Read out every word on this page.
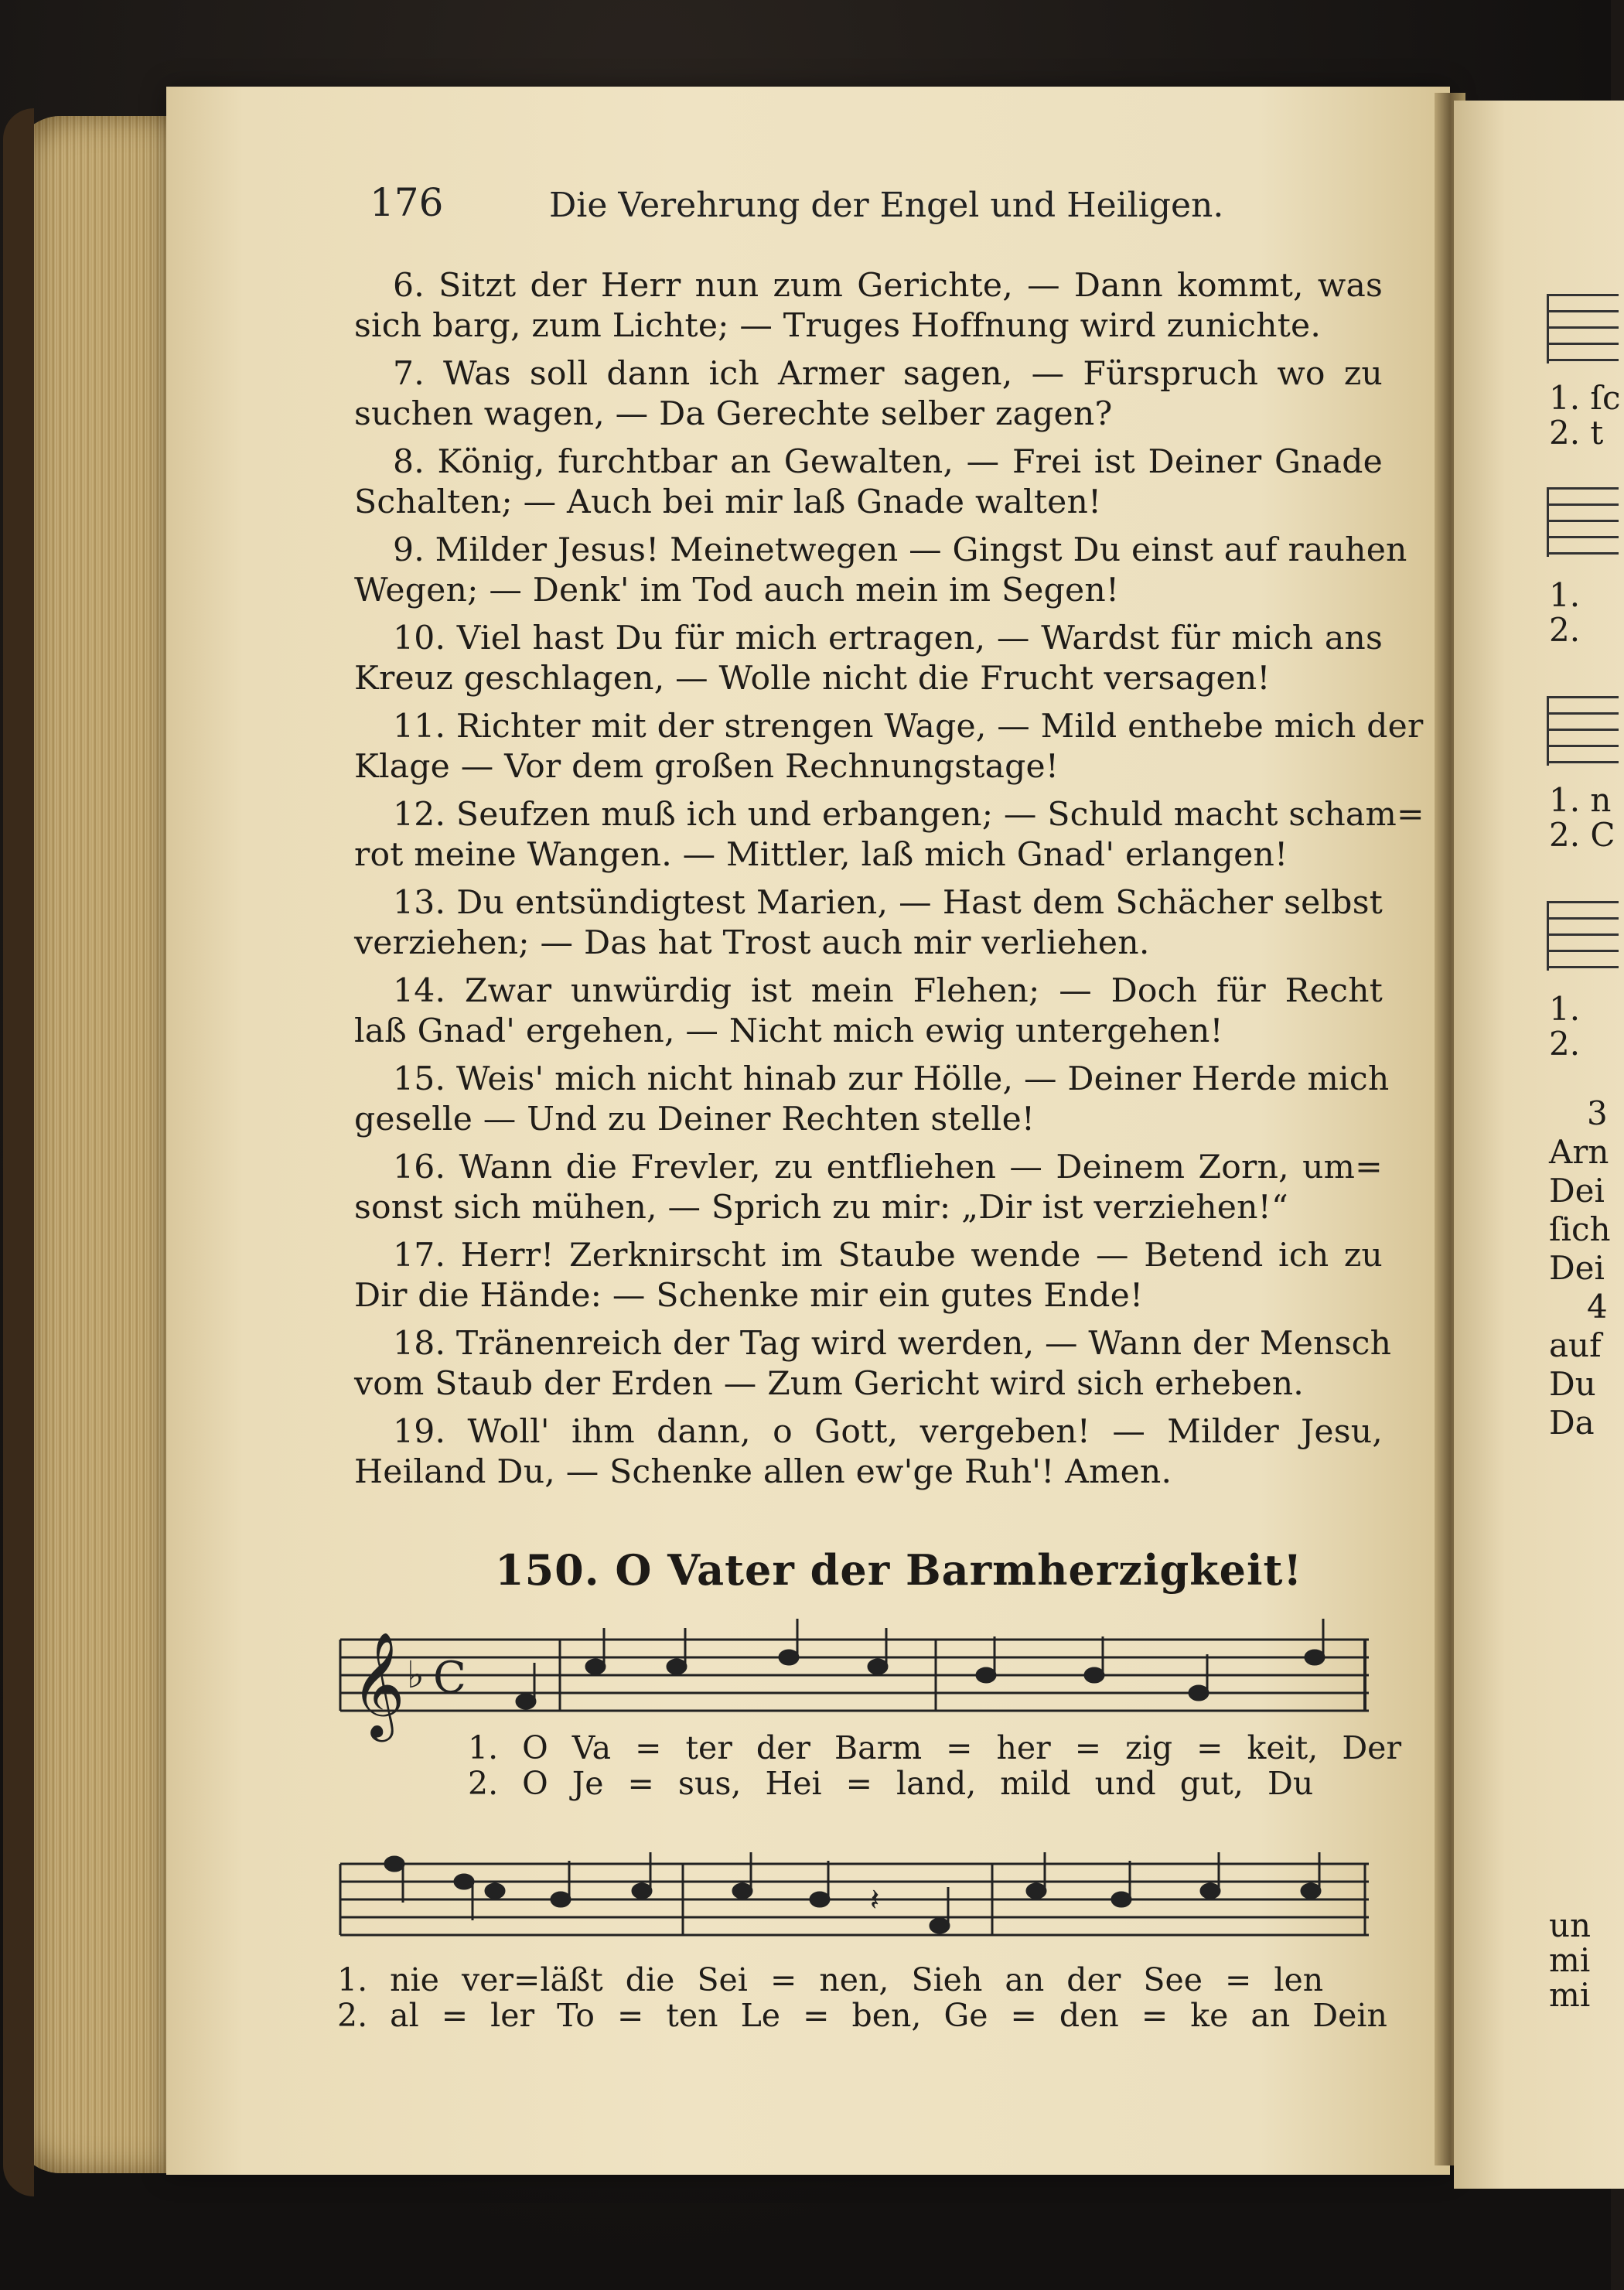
176	Die Verehrung der Engel und Heiligen.
6. Sitzt der Herr nun zum Gerichte, — Dann kommt, was
sich barg, zum Lichte; — Truges Hoffnung wird zunichte.
7. Was soll dann ich Armer sagen, — Fürspruch wo zu
suchen wagen, — Da Gerechte selber zagen?
8. König, furchtbar an Gewalten, — Frei ist Deiner Gnade
Schalten; — Auch bei mir laß Gnade walten!
9. Milder Jesus! Meinetwegen — Gingst Du einst auf rauhen
Wegen; — Denk' im Tod auch mein im Segen!
10. Viel hast Du für mich ertragen, — Wardst für mich ans
Kreuz geschlagen, — Wolle nicht die Frucht versagen!
11. Richter mit der strengen Wage, — Mild enthebe mich der
Klage — Vor dem großen Rechnungstage!
12. Seufzen muß ich und erbangen; — Schuld macht scham=
rot meine Wangen. — Mittler, laß mich Gnad' erlangen!
13. Du entsündigtest Marien, — Hast dem Schächer selbst
verziehen; — Das hat Trost auch mir verliehen.
14. Zwar unwürdig ist mein Flehen; — Doch für Recht
laß Gnad' ergehen, — Nicht mich ewig untergehen!
15. Weis' mich nicht hinab zur Hölle, — Deiner Herde mich
geselle — Und zu Deiner Rechten stelle!
16. Wann die Frevler, zu entfliehen — Deinem Zorn, um=
sonst sich mühen, — Sprich zu mir: „Dir ist verziehen!“
17. Herr! Zerknirscht im Staube wende — Betend ich zu
Dir die Hände: — Schenke mir ein gutes Ende!
18. Tränenreich der Tag wird werden, — Wann der Mensch
vom Staub der Erden — Zum Gericht wird sich erheben.
19. Woll' ihm dann, o Gott, vergeben! — Milder Jesu,
Heiland Du, — Schenke allen ew'ge Ruh'! Amen.
150. O Vater der Barmherzigkeit!
𝄞 ♭ C
1. O Va = ter der Barm = her = zig = keit, Der
2. O Je = sus, Hei = land, mild und gut, Du
𝄽
1. nie ver=läßt die Sei = nen, Sieh an der See = len
2. al = ler To = ten Le = ben, Ge = den = ke an Dein
1. ſc
2. t
1.
2.
1. n
2. C
1.
2.
3
Arn
Dei
ſich
Dei
4
auf
Du
Da
un
mi
mi
